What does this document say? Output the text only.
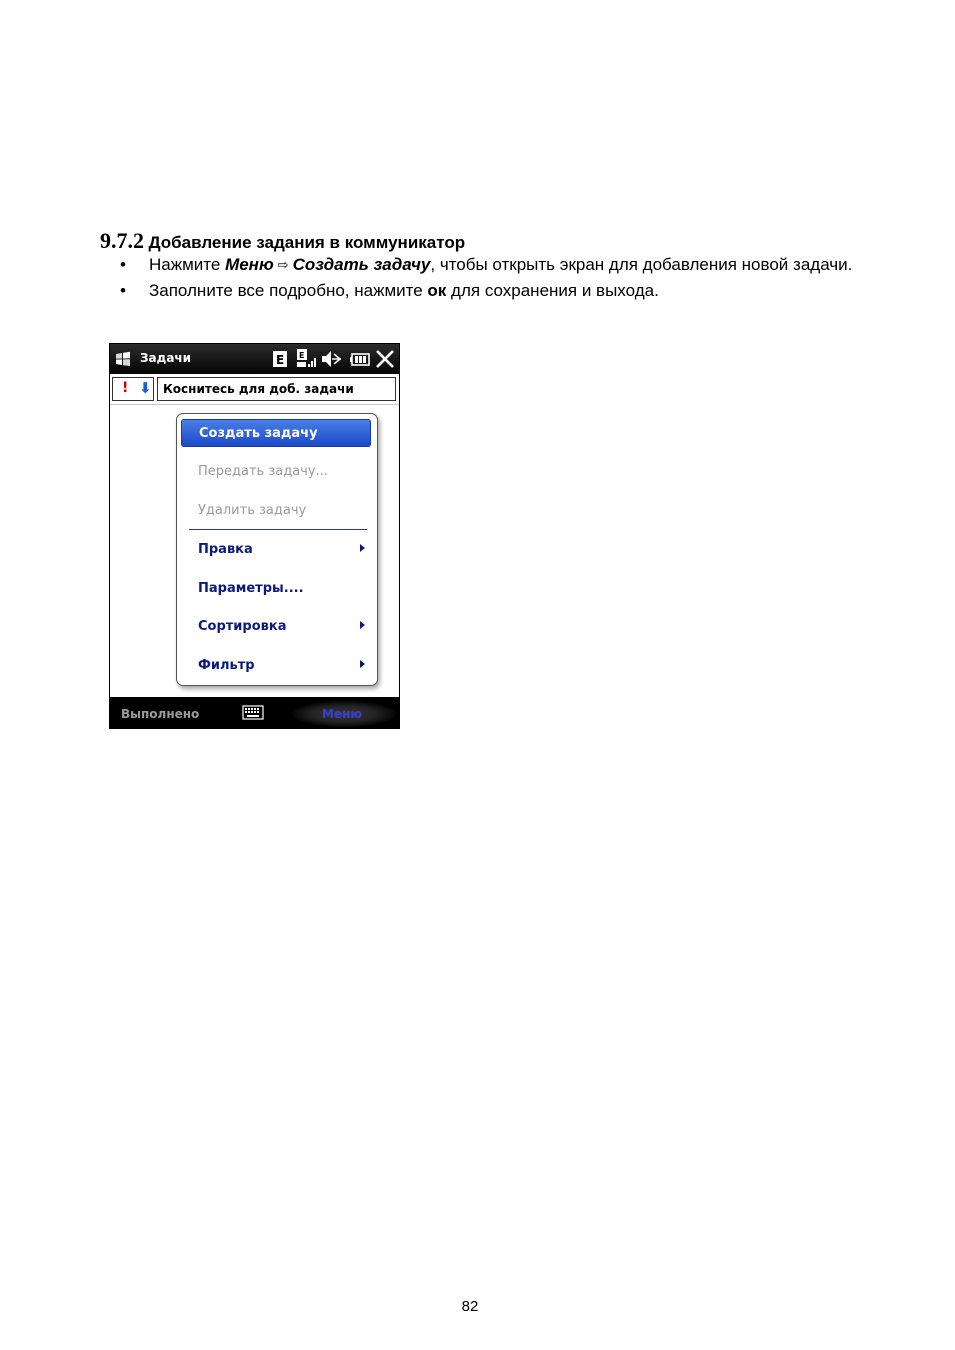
9.7.2 Добавление задания в коммуникатор
• Нажмите Меню ⇨ Создать задачу, чтобы открыть экран для добавления новой задачи.
• Заполните все подробно, нажмите ок для сохранения и выхода.
Задачи	E E
! ⬇ Коснитесь для доб. задачи
Создать задачу
Передать задачу...
Удалить задачу
Правка
Параметры....
Сортировка
Фильтр
Выполнено	Меню
82
